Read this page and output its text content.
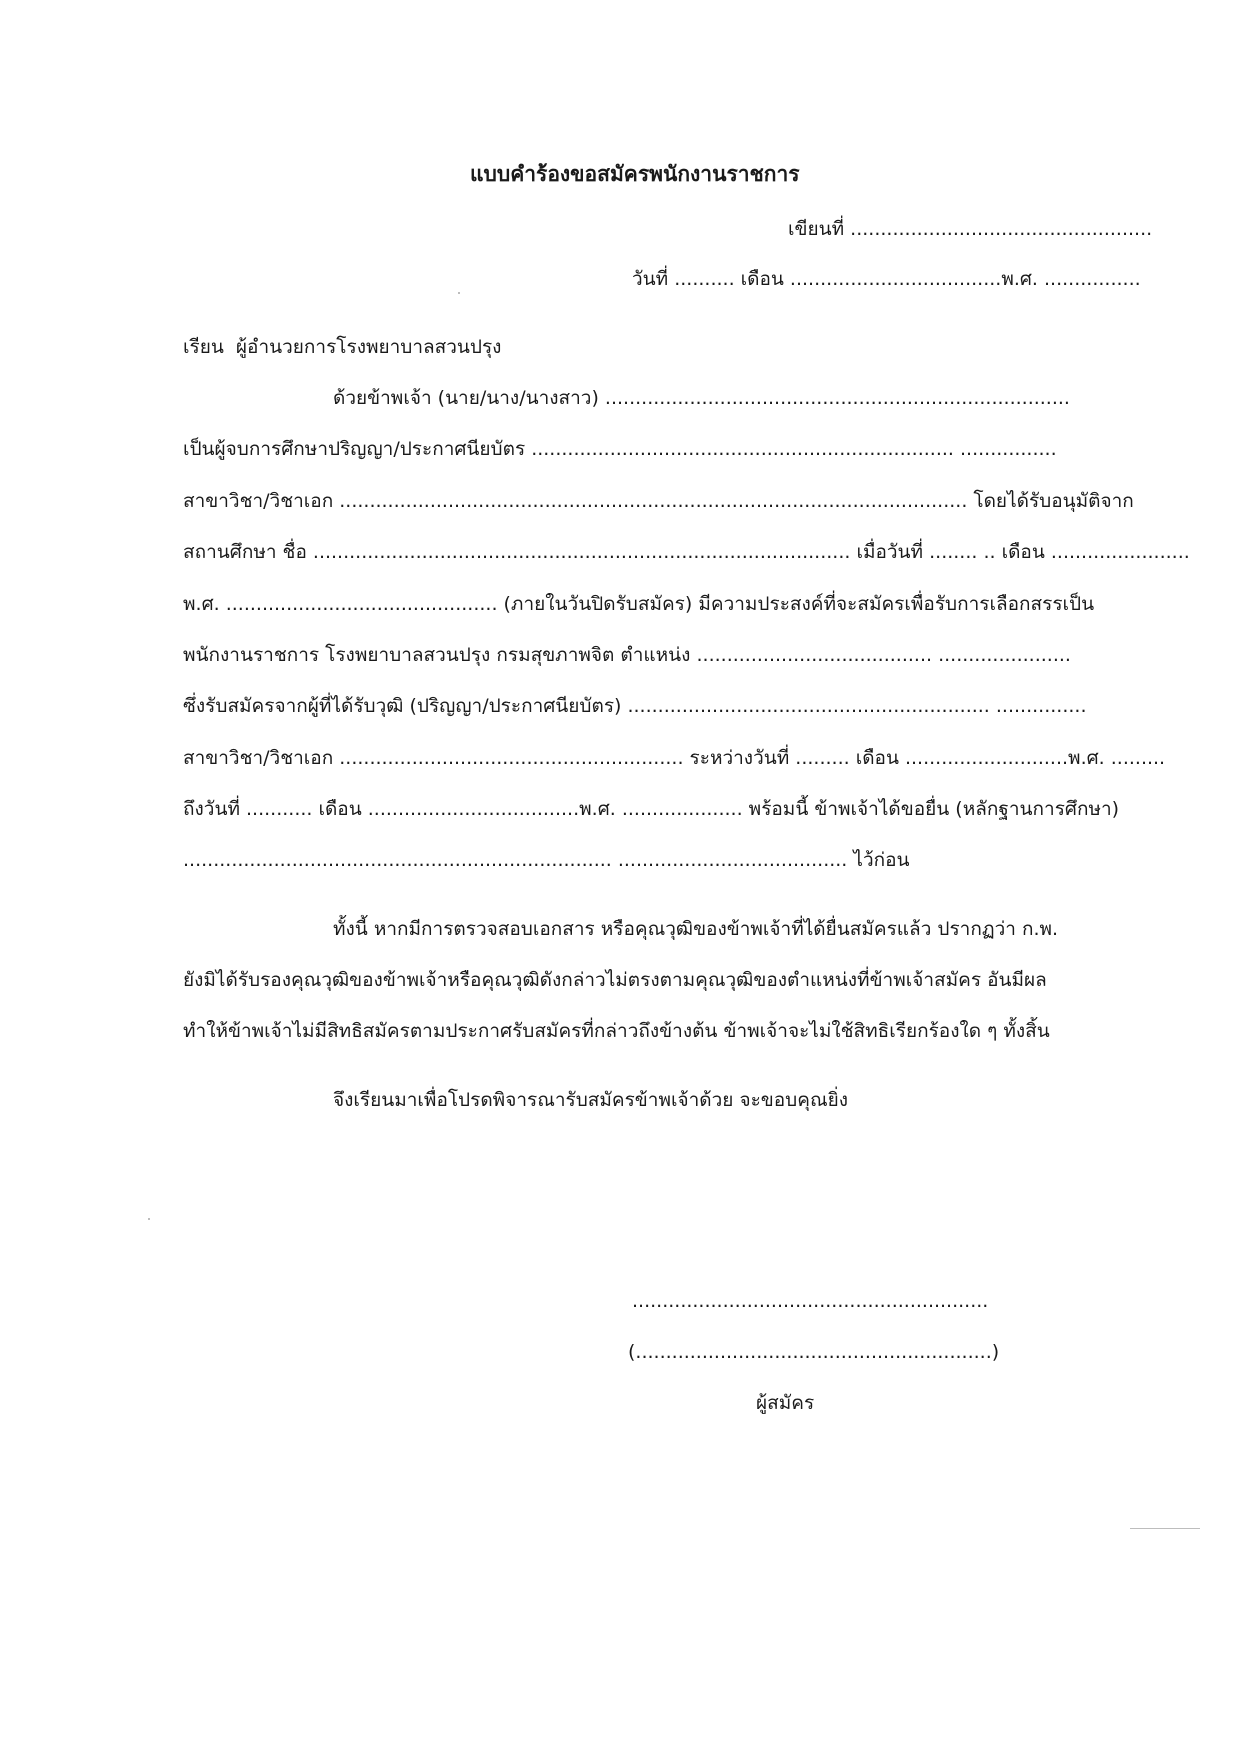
แบบคำร้องขอสมัครพนักงานราชการ
เขียนที่ ..................................................
วันที่ .......... เดือน ...................................พ.ศ. ................
เรียน  ผู้อำนวยการโรงพยาบาลสวนปรุง
ด้วยข้าพเจ้า (นาย/นาง/นางสาว) .............................................................................
เป็นผู้จบการศึกษาปริญญา/ประกาศนียบัตร ...................................................................... ................
สาขาวิชา/วิชาเอก ........................................................................................................ โดยได้รับอนุมัติจาก
สถานศึกษา ชื่อ ......................................................................................... เมื่อวันที่ ........ .. เดือน .......................
พ.ศ. ............................................. (ภายในวันปิดรับสมัคร) มีความประสงค์ที่จะสมัครเพื่อรับการเลือกสรรเป็น
พนักงานราชการ โรงพยาบาลสวนปรุง กรมสุขภาพจิต ตำแหน่ง ....................................... ......................
ซึ่งรับสมัครจากผู้ที่ได้รับวุฒิ (ปริญญา/ประกาศนียบัตร) ............................................................ ...............
สาขาวิชา/วิชาเอก ......................................................... ระหว่างวันที่ ......... เดือน ...........................พ.ศ. .........
ถึงวันที่ ........... เดือน ...................................พ.ศ. .................... พร้อมนี้ ข้าพเจ้าได้ขอยื่น (หลักฐานการศึกษา)
....................................................................... ...................................... ไว้ก่อน
ทั้งนี้ หากมีการตรวจสอบเอกสาร หรือคุณวุฒิของข้าพเจ้าที่ได้ยื่นสมัครแล้ว ปรากฏว่า ก.พ.
ยังมิได้รับรองคุณวุฒิของข้าพเจ้าหรือคุณวุฒิดังกล่าวไม่ตรงตามคุณวุฒิของตำแหน่งที่ข้าพเจ้าสมัคร อันมีผล
ทำให้ข้าพเจ้าไม่มีสิทธิสมัครตามประกาศรับสมัครที่กล่าวถึงข้างต้น ข้าพเจ้าจะไม่ใช้สิทธิเรียกร้องใด ๆ ทั้งสิ้น
จึงเรียนมาเพื่อโปรดพิจารณารับสมัครข้าพเจ้าด้วย จะขอบคุณยิ่ง
...........................................................
(...........................................................)
ผู้สมัคร
